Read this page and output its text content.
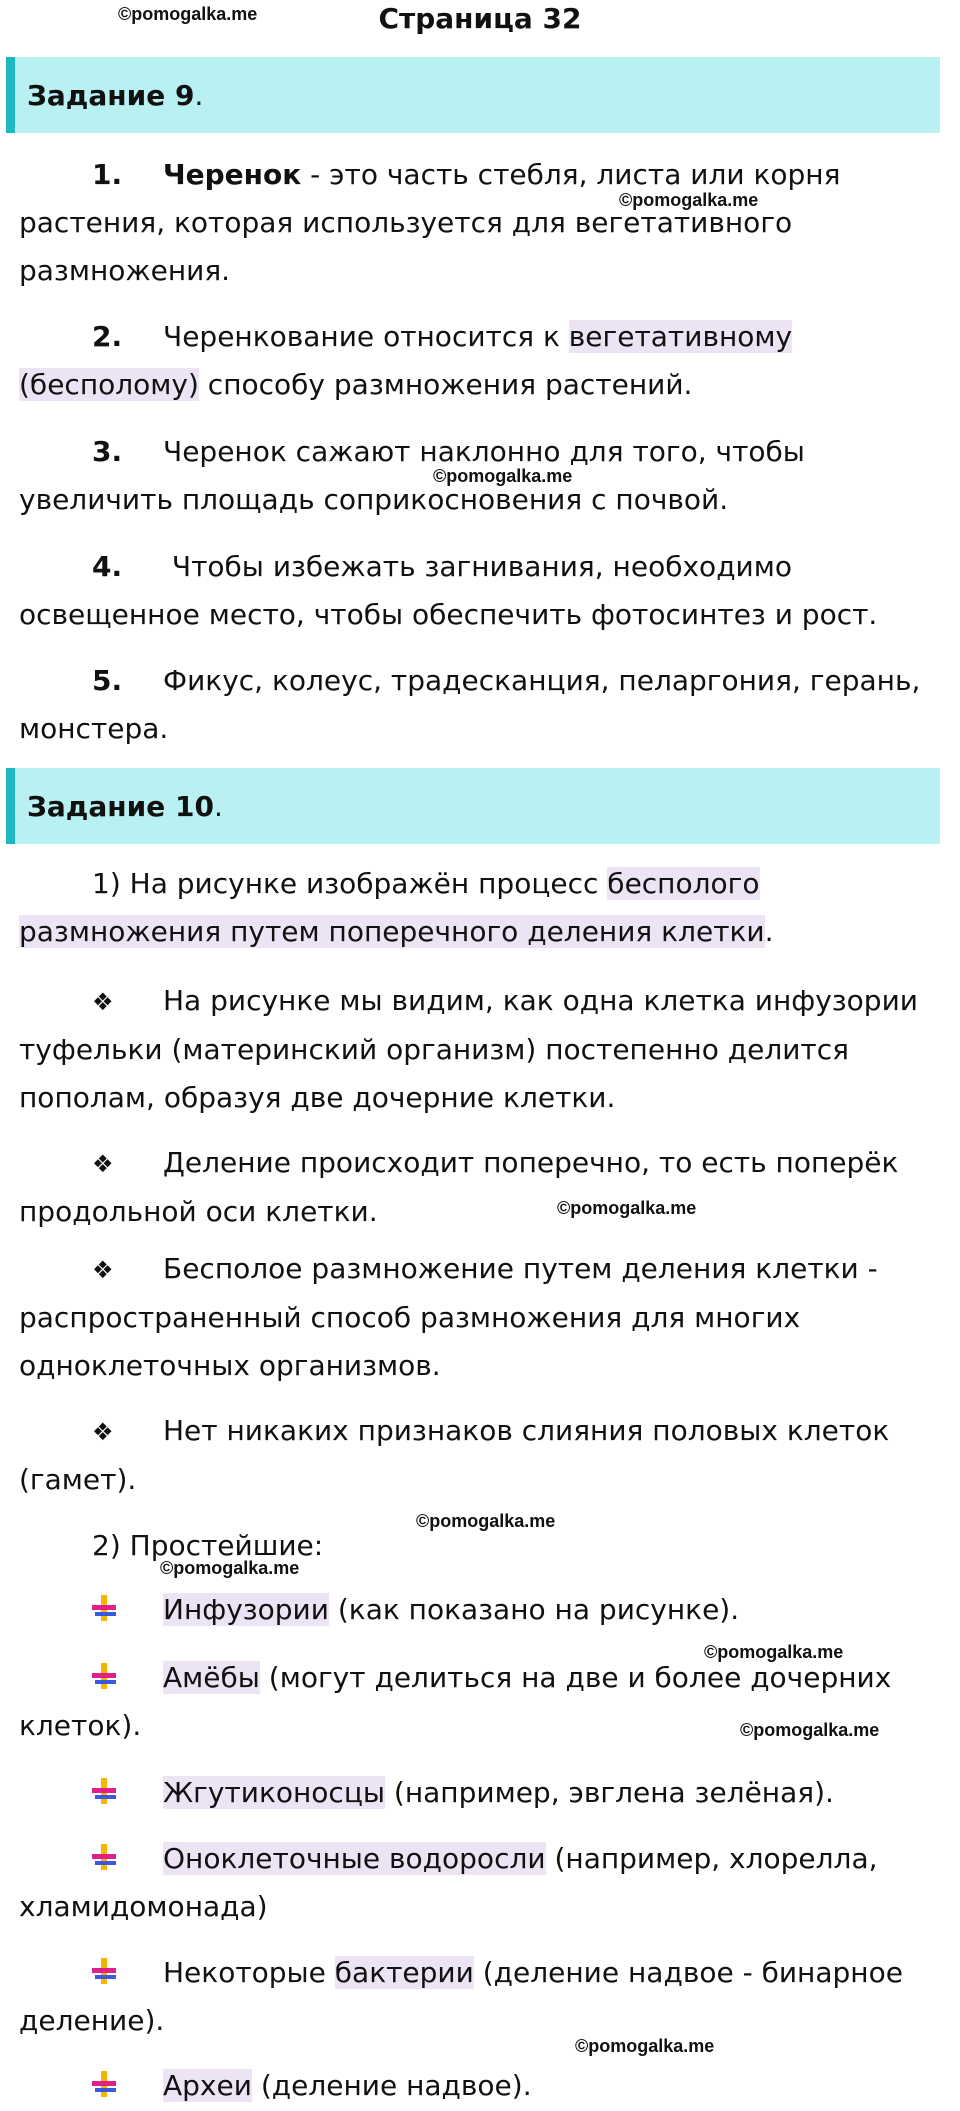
©pomogalka.me	Страница 32
Задание 9 .
1. Черенок - это часть стебля, листа или корня
растения, которая используется для вегетативного
размножения.
©pomogalka.me
2. Черенкование относится к вегетативному
(бесполому) способу размножения растений.
3. Черенок сажают наклонно для того, чтобы
увеличить площадь соприкосновения с почвой.
©pomogalka.me
4. Чтобы избежать загнивания, необходимо
освещенное место, чтобы обеспечить фотосинтез и рост.
5. Фикус, колеус, традесканция, пеларгония, герань,
монстера.
Задание 10 .
1) На рисунке изображён процесс бесполого
размножения путем поперечного деления клетки.
❖ На рисунке мы видим, как одна клетка инфузории
туфельки (материнский организм) постепенно делится
пополам, образуя две дочерние клетки.
❖ Деление происходит поперечно, то есть поперёк
продольной оси клетки.	©pomogalka.me
❖ Бесполое размножение путем деления клетки -
распространенный способ размножения для многих
одноклеточных организмов.
❖ Нет никаких признаков слияния половых клеток
(гамет).
©pomogalka.me
2) Простейшие:
©pomogalka.me
Инфузории (как показано на рисунке).
©pomogalka.me
Амёбы (могут делиться на две и более дочерних
клеток).	©pomogalka.me
Жгутиконосцы (например, эвглена зелёная).
Оноклеточные водоросли (например, хлорелла,
хламидомонада)
Некоторые бактерии (деление надвое - бинарное
деление).
©pomogalka.me
Археи (деление надвое).
